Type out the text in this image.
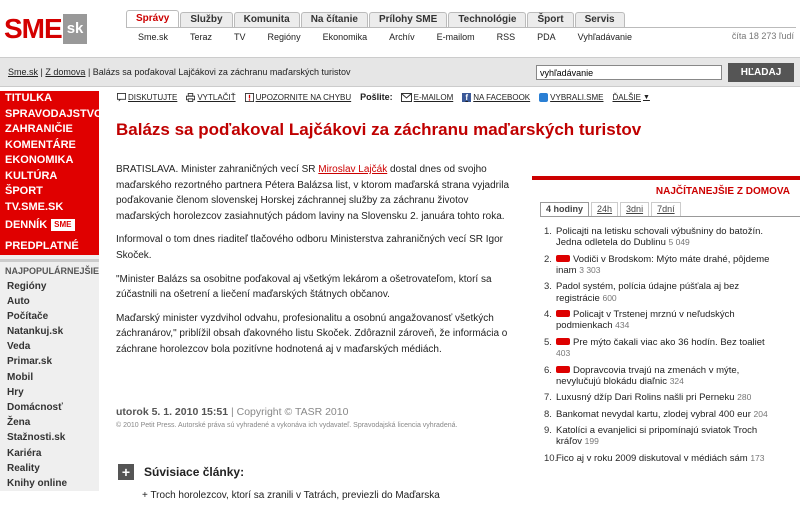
SME sk
Správy	Služby	Komunita	Na čítanie	Prílohy SME	Technológie	Šport	Servis
Sme.sk Teraz TV Regióny Ekonomika Archív E-mailom RSS PDA Vyhľadávanie	číta 18 273 ľudí
Sme.sk | Z domova | Balázs sa poďakoval Lajčákovi za záchranu maďarských turistov
vyhľadávanie	HĽADAJ
TITULKA
SPRAVODAJSTVO
ZAHRANIČIE
KOMENTÁRE
EKONOMIKA
KULTÚRA
ŠPORT
TV.SME.SK
DENNÍK SME
PREDPLATNÉ
NAJPOPULÁRNEJŠIE
Regióny
Auto
Počítače
Natankuj.sk
Veda
Primar.sk
Mobil
Hry
Domácnosť
Žena
Stažnosti.sk
Kariéra
Reality
Knihy online
DISKUTUJTE	VYTLAČIŤ	UPOZORNITE NA CHYBU Pošlite:	E-MAILOM	f NA FACEBOOK	VYBRALI.SME ĎALŠIE ▼
Balázs sa poďakoval Lajčákovi za záchranu maďarských turistov

BRATISLAVA. Minister zahraničných vecí SR Miroslav Lajčák dostal dnes od svojho maďarského rezortného partnera Pétera Balázsa list, v ktorom maďarská strana vyjadrila poďakovanie členom slovenskej Horskej záchrannej služby za záchranu životov maďarských horolezcov zasiahnutých pádom laviny na Slovensku 2. januára tohto roka.

Informoval o tom dnes riaditeľ tlačového odboru Ministerstva zahraničných vecí SR Igor Skoček.

"Minister Balázs sa osobitne poďakoval aj všetkým lekárom a ošetrovateľom, ktorí sa zúčastnili na ošetrení a liečení maďarských štátnych občanov.

Maďarský minister vyzdvihol odvahu, profesionalitu a osobnú angažovanosť všetkých záchranárov," priblížil obsah ďakovného listu Skoček. Zdôraznil zároveň, že informácia o záchrane horolezcov bola pozitívne hodnotená aj v maďarských médiách.

utorok 5. 1. 2010 15:51 | Copyright © TASR 2010
© 2010 Petit Press. Autorské práva sú vyhradené a vykonáva ich vydavateľ. Spravodajská licencia vyhradená.
+	Súvisiace články:
+ Troch horolezcov, ktorí sa zranili v Tatrách, previezli do Maďarska
NAJČÍTANEJŠIE Z DOMOVA
4 hodiny	24h	3dni	7dní
1. Policajti na letisku schovali výbušniny do batožín. Jedna odletela do Dublinu 5 049
2.	Vodiči v Brodskom: Mýto máte drahé, pôjdeme inam 3 303
3. Padol systém, polícia údajne púšťala aj bez registrácie 600
4.	Policajt v Trstenej mrznú v neľudských podmienkach 434
5.	Pre mýto čakali viac ako 36 hodín. Bez toaliet 403
6.	Dopravcovia trvajú na zmenách v mýte, nevylučujú blokádu diaľnic 324
7. Luxusný džíp Dari Rolins našli pri Perneku 280
8. Bankomat nevydal kartu, zlodej vybral 400 eur 204
9. Katolíci a evanjelici si pripomínajú sviatok Troch kráľov 199
10.
Fico aj v roku 2009 diskutoval v médiách sám 173
